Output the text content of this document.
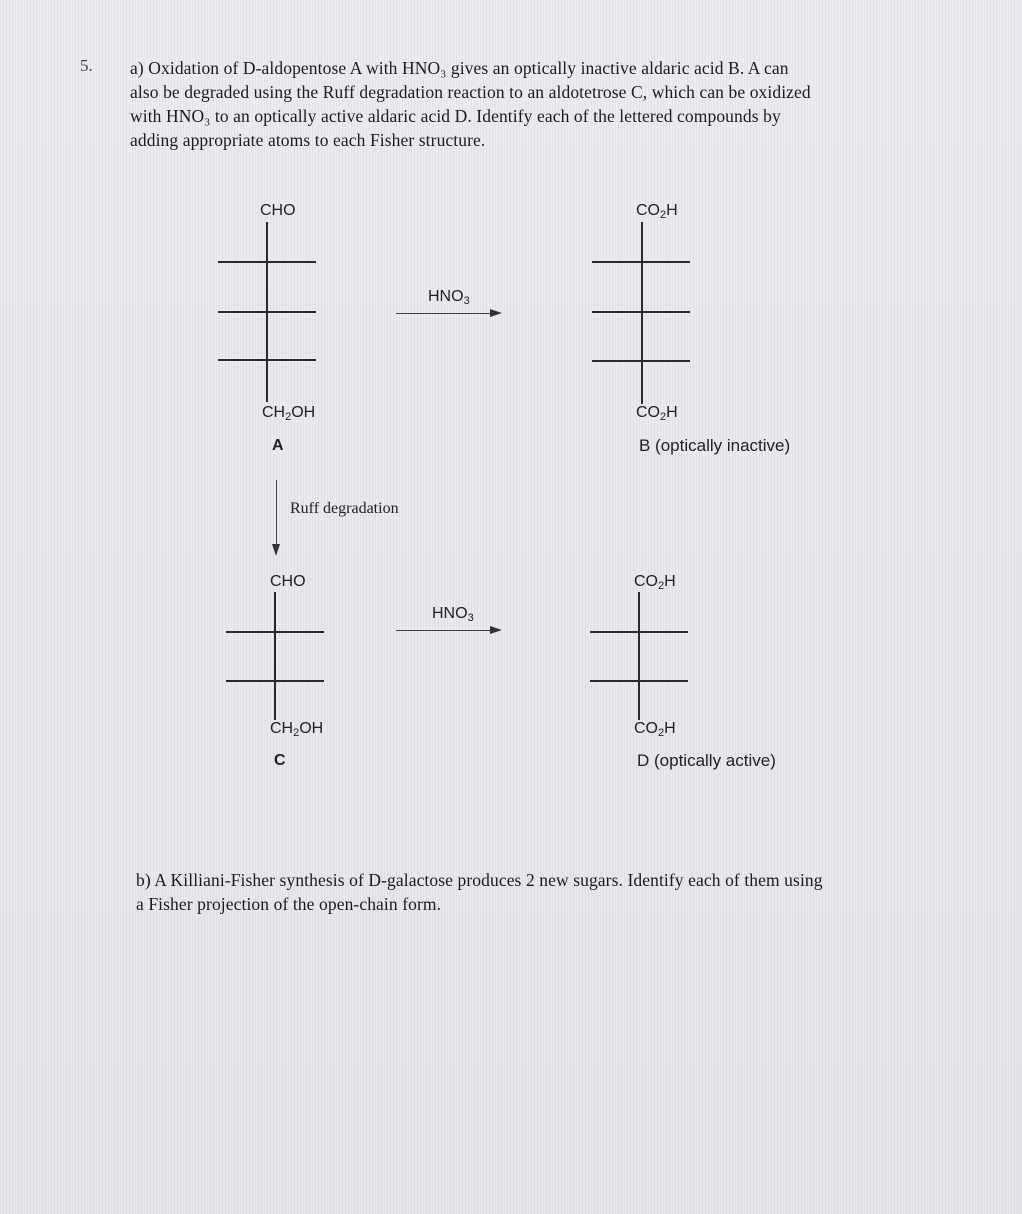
5. a) Oxidation of D-aldopentose A with HNO₃ gives an optically inactive aldaric acid B. A can
also be degraded using the Ruff degradation reaction to an aldotetrose C, which can be oxidized
with HNO₃ to an optically active aldaric acid D. Identify each of the lettered compounds by
adding appropriate atoms to each Fisher structure.
CHO
$CH_2OH$
A
$HNO_3$
$CO_2H$
$CO_2H$
B (optically inactive)
Ruff degradation
CHO
$CH_2OH$
C
$HNO_3$
$CO_2H$
$CO_2H$
D (optically active)
b) A Killiani-Fisher synthesis of D-galactose produces 2 new sugars. Identify each of them using
a Fisher projection of the open-chain form.
